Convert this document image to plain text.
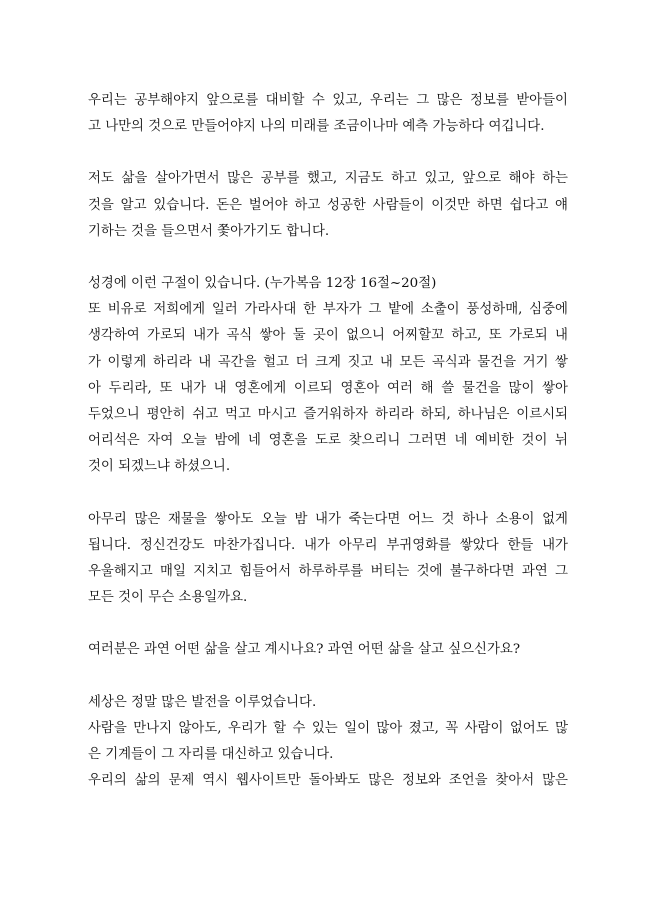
우리는 공부해야지 앞으로를 대비할 수 있고, 우리는 그 많은 정보를 받아들이
고 나만의 것으로 만들어야지 나의 미래를 조금이나마 예측 가능하다 여깁니다.
저도 삶을 살아가면서 많은 공부를 했고, 지금도 하고 있고, 앞으로 해야 하는
것을 알고 있습니다. 돈은 벌어야 하고 성공한 사람들이 이것만 하면 쉽다고 얘
기하는 것을 들으면서 쫓아가기도 합니다.
성경에 이런 구절이 있습니다. (누가복음 12장 16절~20절)
또 비유로 저희에게 일러 가라사대 한 부자가 그 밭에 소출이 풍성하매, 심중에
생각하여 가로되 내가 곡식 쌓아 둘 곳이 없으니 어찌할꼬 하고, 또 가로되 내
가 이렇게 하리라 내 곡간을 헐고 더 크게 짓고 내 모든 곡식과 물건을 거기 쌓
아 두리라, 또 내가 내 영혼에게 이르되 영혼아 여러 해 쓸 물건을 많이 쌓아
두었으니 평안히 쉬고 먹고 마시고 즐거워하자 하리라 하되, 하나님은 이르시되
어리석은 자여 오늘 밤에 네 영혼을 도로 찾으리니 그러면 네 예비한 것이 뉘
것이 되겠느냐 하셨으니.
아무리 많은 재물을 쌓아도 오늘 밤 내가 죽는다면 어느 것 하나 소용이 없게
됩니다. 정신건강도 마찬가집니다. 내가 아무리 부귀영화를 쌓았다 한들 내가
우울해지고 매일 지치고 힘들어서 하루하루를 버티는 것에 불구하다면 과연 그
모든 것이 무슨 소용일까요.
여러분은 과연 어떤 삶을 살고 계시나요? 과연 어떤 삶을 살고 싶으신가요?
세상은 정말 많은 발전을 이루었습니다.
사람을 만나지 않아도, 우리가 할 수 있는 일이 많아 졌고, 꼭 사람이 없어도 많
은 기계들이 그 자리를 대신하고 있습니다.
우리의 삶의 문제 역시 웹사이트만 돌아봐도 많은 정보와 조언을 찾아서 많은
